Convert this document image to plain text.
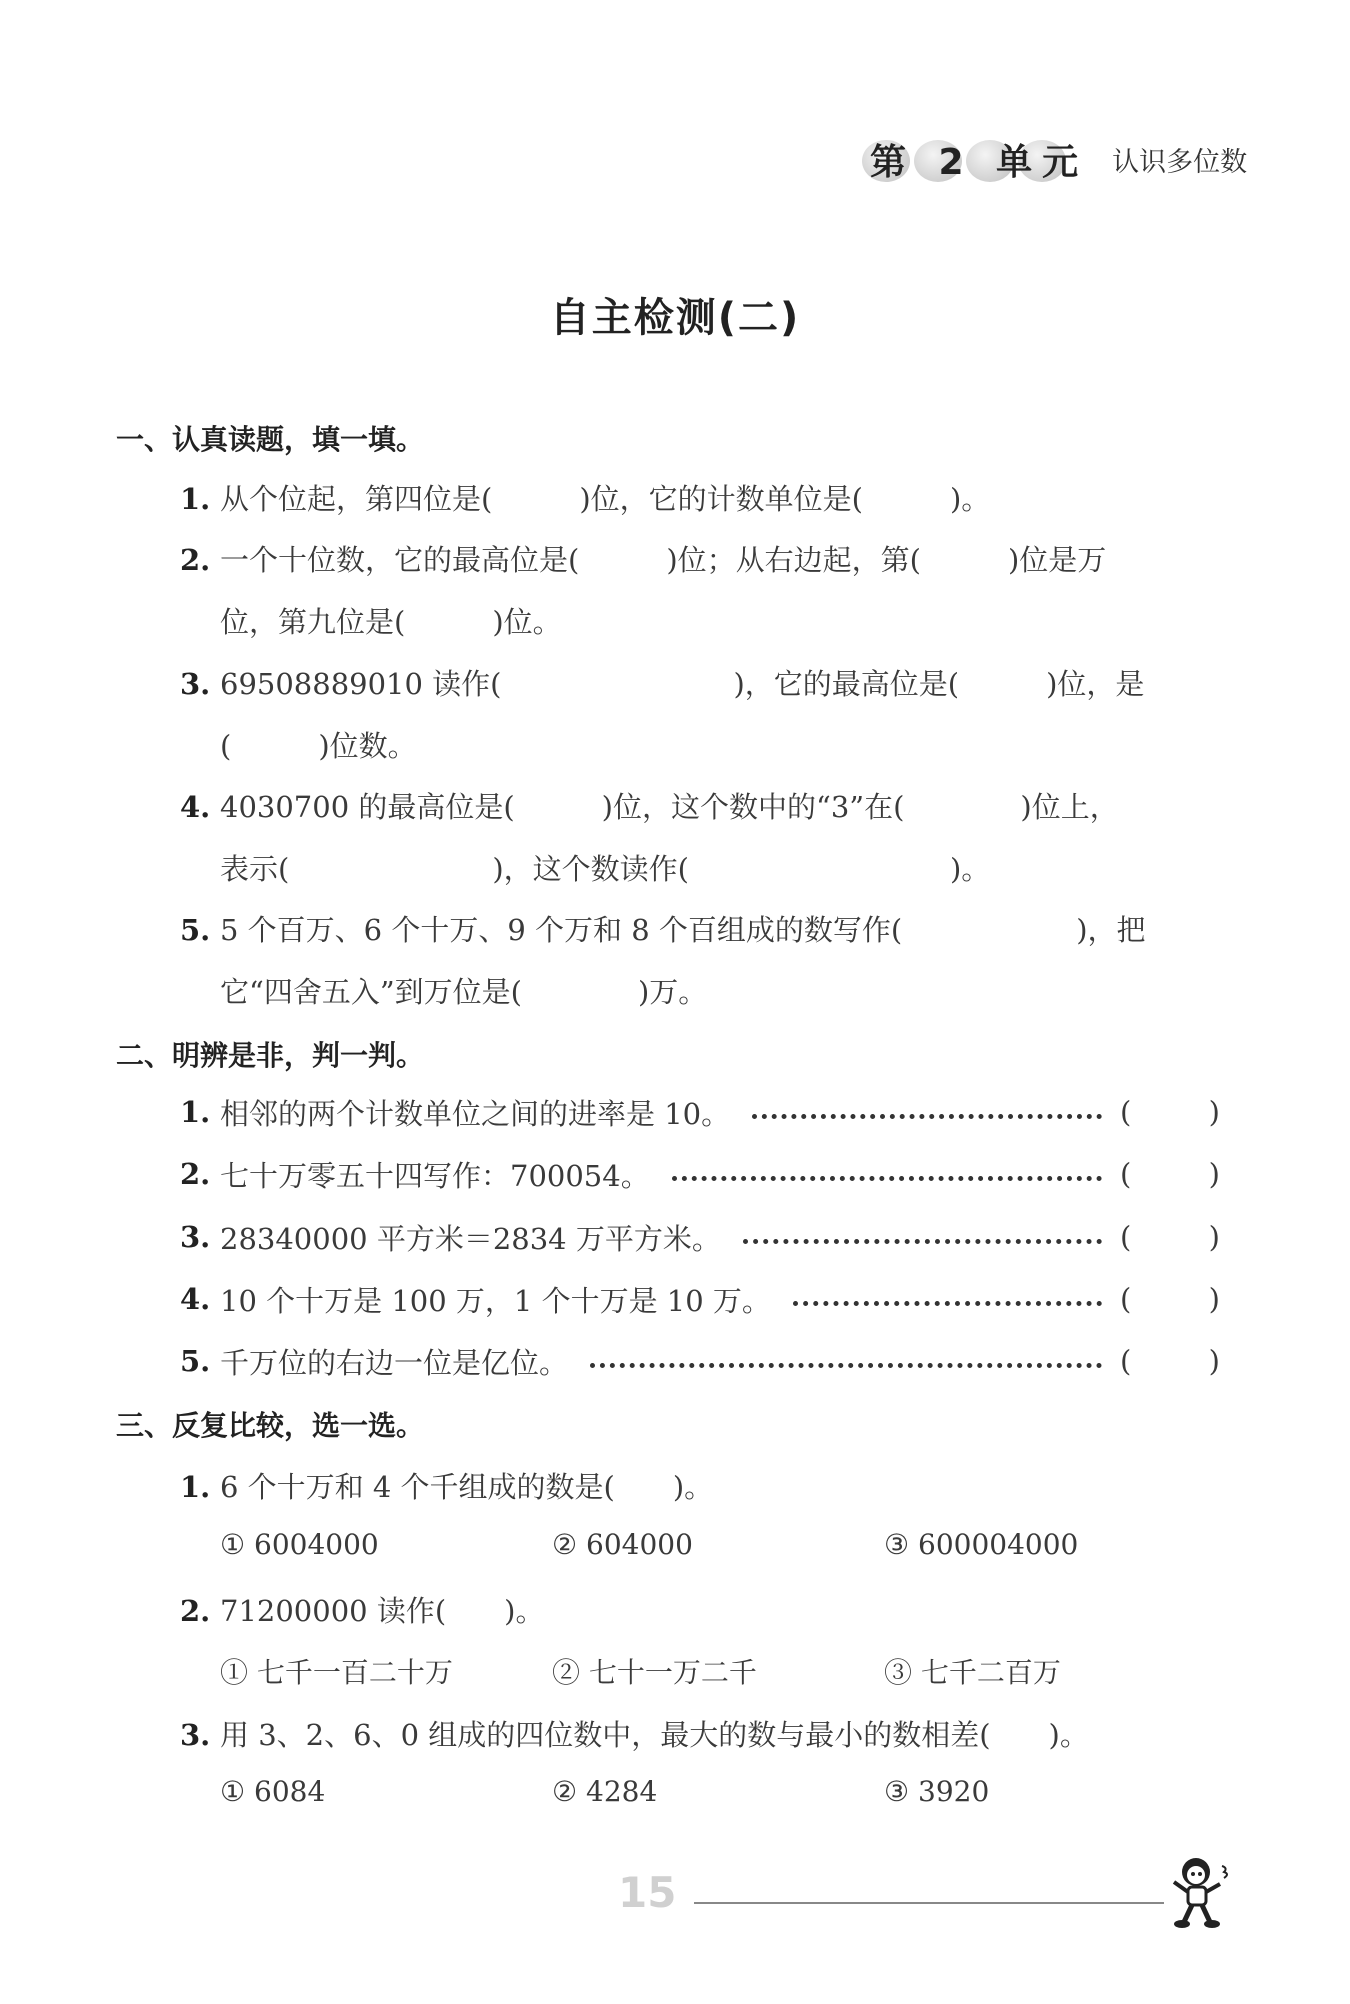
第 2 单元 认识多位数
自主检测(二)
一、认真读题，填一填。
1. 从个位起，第四位是(　　　)位，它的计数单位是(　　　)。
2. 一个十位数，它的最高位是(　　　)位；从右边起，第(　　　)位是万
位，第九位是(　　　)位。
3. 69508889010 读作(　　　　　　　　)，它的最高位是(　　　)位，是
(　　　)位数。
4. 4030700 的最高位是(　　　)位，这个数中的“3”在(　　　　)位上，
表示(　　　　　　　)，这个数读作(　　　　　　　　　)。
5. 5 个百万、6 个十万、9 个万和 8 个百组成的数写作(　　　　　　)，把
它“四舍五入”到万位是(　　　　)万。
二、明辨是非，判一判。
1. 相邻的两个计数单位之间的进率是 10。	(	)
2. 七十万零五十四写作：700054。	(	)
3. 28340000 平方米＝2834 万平方米。	(	)
4. 10 个十万是 100 万，1 个十万是 10 万。	(	)
5. 千万位的右边一位是亿位。	(	)
三、反复比较，选一选。
1. 6 个十万和 4 个千组成的数是(　　)。
① 6004000	② 604000	③ 600004000
2. 71200000 读作(　　)。
① 七千一百二十万	② 七十一万二千	③ 七千二百万
3. 用 3、2、6、0 组成的四位数中，最大的数与最小的数相差(　　)。
① 6084	② 4284	③ 3920
15
